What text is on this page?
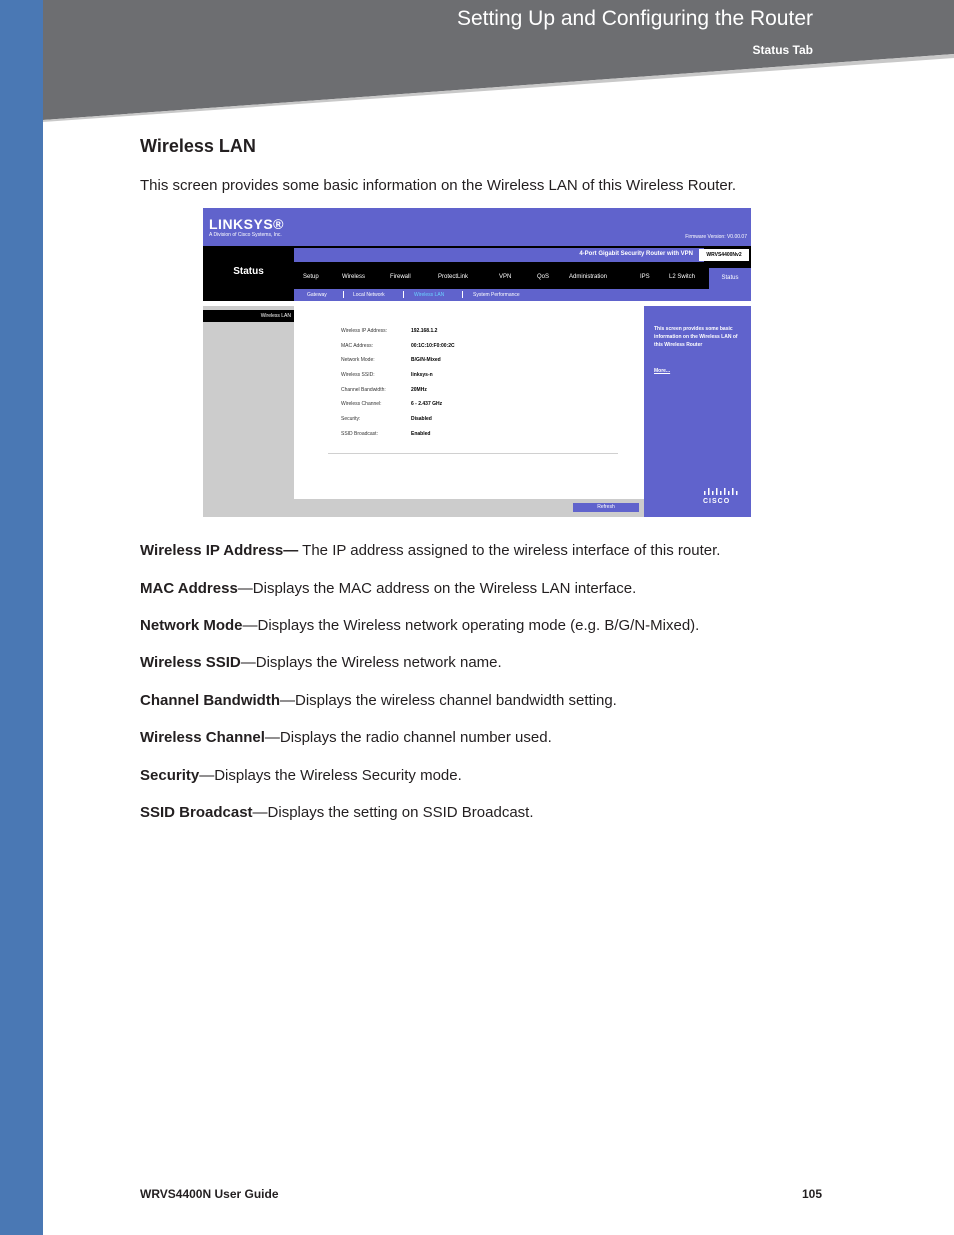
Setting Up and Configuring the Router
Status Tab
Wireless LAN
This screen provides some basic information on the Wireless LAN of this Wireless Router.
LINKSYS®
A Division of Cisco Systems, Inc.	Firmware Version: V0.00.07
Status
4-Port Gigabit Security Router with VPN	WRVS4400Nv2
Setup	Wireless	Firewall	ProtectLink	VPN	QoS	Administration	IPS	L2 Switch	Status
Gateway	Local Network	Wireless LAN	System Performance
Wireless LAN
Wireless IP Address:	192.168.1.2
MAC Address:	00:1C:10:F0:00:2C
Network Mode:	B/G/N-Mixed
Wireless SSID:	linksys-n
Channel Bandwidth:	20MHz
Wireless Channel:	6 - 2.437 GHz
Security:	Disabled
SSID Broadcast:	Enabled
This screen provides some basic information on the Wireless LAN of this Wireless Router
More...
CISCO
Refresh
Wireless IP Address— The IP address assigned to the wireless interface of this router.
MAC Address—Displays the MAC address on the Wireless LAN interface.
Network Mode—Displays the Wireless network operating mode (e.g. B/G/N-Mixed).
Wireless SSID—Displays the Wireless network name.
Channel Bandwidth—Displays the wireless channel bandwidth setting.
Wireless Channel—Displays the radio channel number used.
Security—Displays the Wireless Security mode.
SSID Broadcast—Displays the setting on SSID Broadcast.
WRVS4400N User Guide	105
